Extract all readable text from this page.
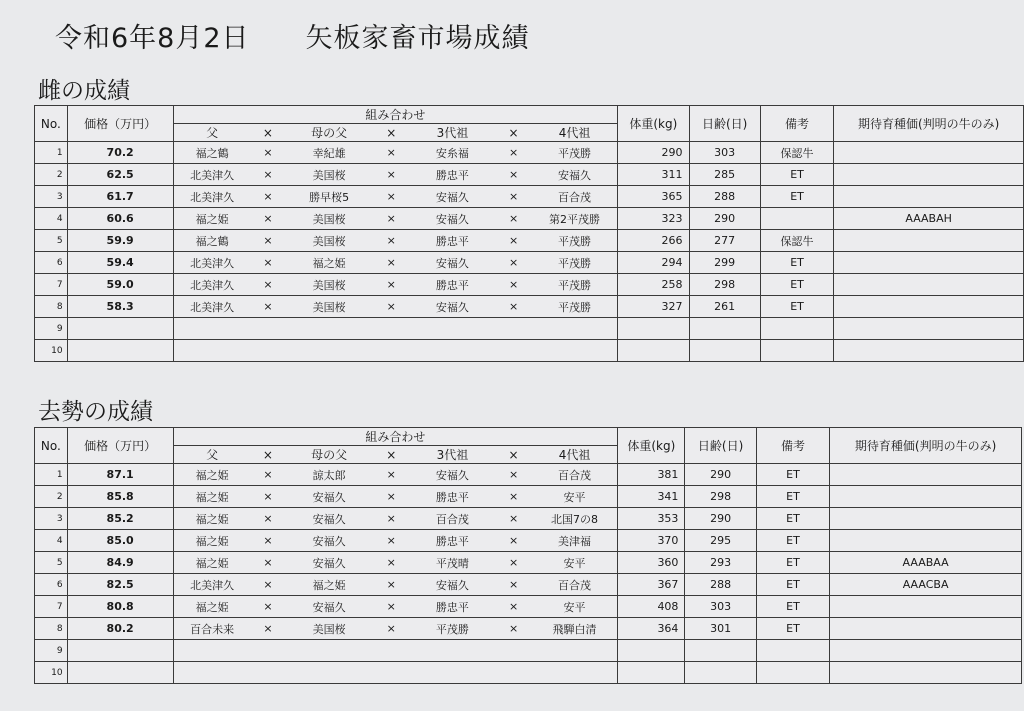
令和6年8月2日　　矢板家畜市場成績
雌の成績
No.	価格（万円）	組み合わせ							体重(kg)	日齢(日)	備考	期待育種価(判明の牛のみ)
		父	×	母の父	×	3代祖	×	4代祖				
1	70.2	福之鶴	×	幸紀雄	×	安糸福	×	平茂勝	290	303	保認牛	
2	62.5	北美津久	×	美国桜	×	勝忠平	×	安福久	311	285	ET	
3	61.7	北美津久	×	勝早桜5	×	安福久	×	百合茂	365	288	ET	
4	60.6	福之姫	×	美国桜	×	安福久	×	第2平茂勝	323	290		AAABAH
5	59.9	福之鶴	×	美国桜	×	勝忠平	×	平茂勝	266	277	保認牛	
6	59.4	北美津久	×	福之姫	×	安福久	×	平茂勝	294	299	ET	
7	59.0	北美津久	×	美国桜	×	勝忠平	×	平茂勝	258	298	ET	
8	58.3	北美津久	×	美国桜	×	安福久	×	平茂勝	327	261	ET	
9												
10												
去勢の成績
No.	価格（万円）	組み合わせ							体重(kg)	日齢(日)	備考	期待育種価(判明の牛のみ)
		父	×	母の父	×	3代祖	×	4代祖				
1	87.1	福之姫	×	諒太郎	×	安福久	×	百合茂	381	290	ET	
2	85.8	福之姫	×	安福久	×	勝忠平	×	安平	341	298	ET	
3	85.2	福之姫	×	安福久	×	百合茂	×	北国7の8	353	290	ET	
4	85.0	福之姫	×	安福久	×	勝忠平	×	美津福	370	295	ET	
5	84.9	福之姫	×	安福久	×	平茂晴	×	安平	360	293	ET	AAABAA
6	82.5	北美津久	×	福之姫	×	安福久	×	百合茂	367	288	ET	AAACBA
7	80.8	福之姫	×	安福久	×	勝忠平	×	安平	408	303	ET	
8	80.2	百合未来	×	美国桜	×	平茂勝	×	飛騨白清	364	301	ET	
9												
10												
